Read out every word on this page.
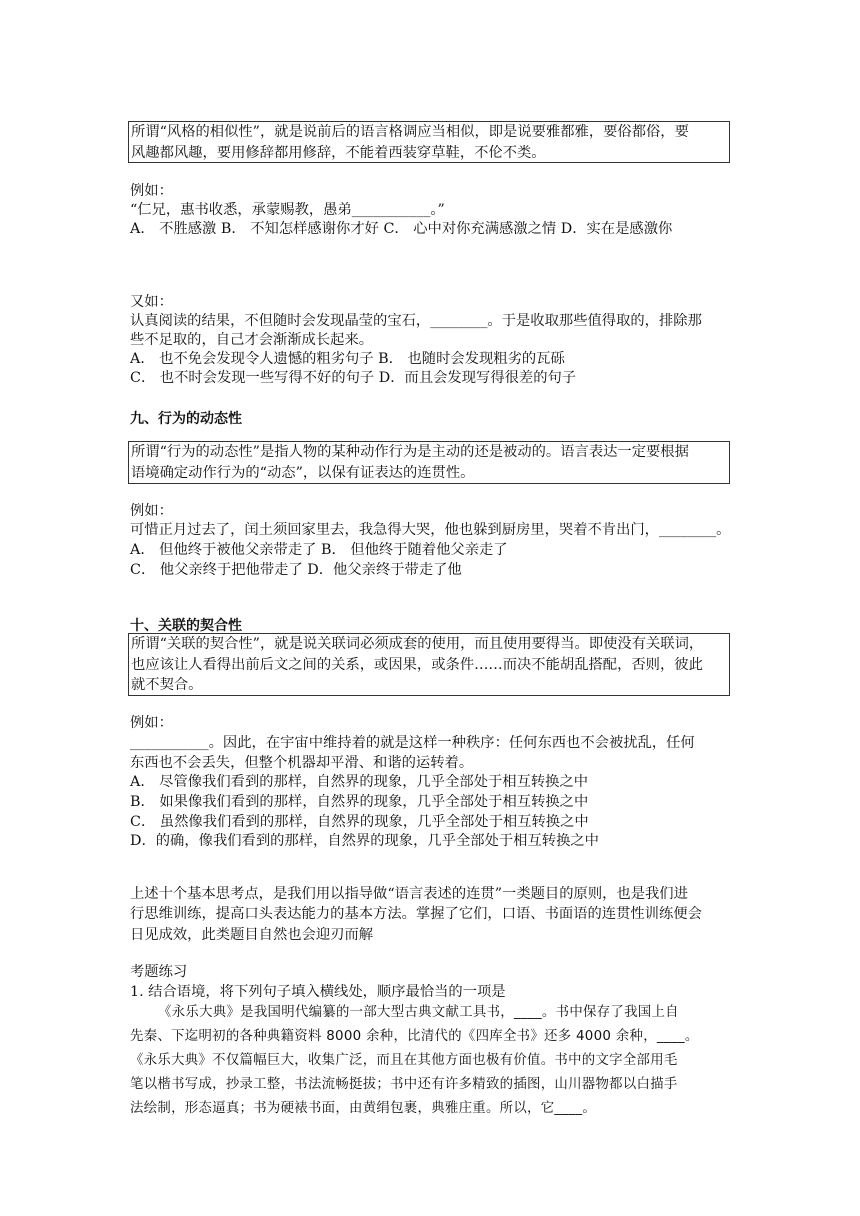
所谓“风格的相似性”，就是说前后的语言格调应当相似，即是说要雅都雅，要俗都俗，要
风趣都风趣，要用修辞都用修辞，不能着西装穿草鞋，不伦不类。
例如：
“仁兄，惠书收悉，承蒙赐教，愚弟___________。”
A． 不胜感激 B． 不知怎样感谢你才好 C． 心中对你充满感激之情 D．实在是感激你
又如：
认真阅读的结果，不但随时会发现晶莹的宝石，________。于是收取那些值得取的，排除那
些不足取的，自己才会渐渐成长起来。
A． 也不免会发现令人遗憾的粗劣句子 B． 也随时会发现粗劣的瓦砾
C． 也不时会发现一些写得不好的句子 D．而且会发现写得很差的句子
九、行为的动态性
所谓“行为的动态性”是指人物的某种动作行为是主动的还是被动的。语言表达一定要根据
语境确定动作行为的“动态”，以保有证表达的连贯性。
例如：
可惜正月过去了，闰土须回家里去，我急得大哭，他也躲到厨房里，哭着不肯出门，________。
A． 但他终于被他父亲带走了 B． 但他终于随着他父亲走了
C． 他父亲终于把他带走了 D．他父亲终于带走了他
十、关联的契合性
所谓“关联的契合性”，就是说关联词必须成套的使用，而且使用要得当。即使没有关联词，
也应该让人看得出前后文之间的关系，或因果，或条件……而决不能胡乱搭配，否则，彼此
就不契合。
例如：
___________。因此，在宇宙中维持着的就是这样一种秩序：任何东西也不会被扰乱，任何
东西也不会丢失，但整个机器却平滑、和谐的运转着。
A． 尽管像我们看到的那样，自然界的现象，几乎全部处于相互转换之中
B． 如果像我们看到的那样，自然界的现象，几乎全部处于相互转换之中
C． 虽然像我们看到的那样，自然界的现象，几乎全部处于相互转换之中
D．的确，像我们看到的那样，自然界的现象，几乎全部处于相互转换之中
上述十个基本思考点，是我们用以指导做“语言表述的连贯”一类题目的原则，也是我们进
行思维训练，提高口头表达能力的基本方法。掌握了它们，口语、书面语的连贯性训练便会
日见成效，此类题目自然也会迎刃而解
考题练习
1. 结合语境，将下列句子填入横线处，顺序最恰当的一项是
《永乐大典》是我国明代编纂的一部大型古典文献工具书，____。书中保存了我国上自
先秦、下迄明初的各种典籍资料 8000 余种，比清代的《四库全书》还多 4000 余种，____。
《永乐大典》不仅篇幅巨大，收集广泛，而且在其他方面也极有价值。书中的文字全部用毛
笔以楷书写成，抄录工整，书法流畅挺拔；书中还有许多精致的插图，山川器物都以白描手
法绘制，形态逼真；书为硬裱书面，由黄绢包裹，典雅庄重。所以，它____。
